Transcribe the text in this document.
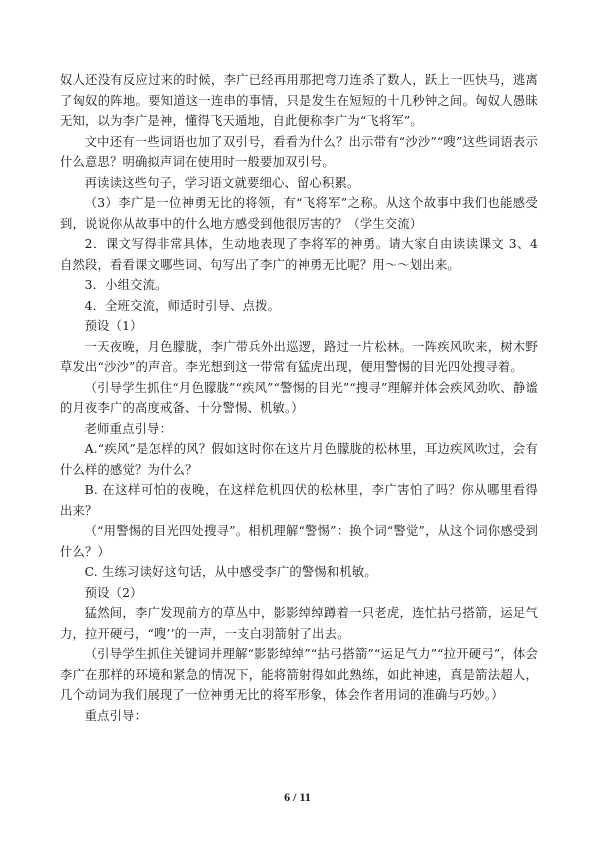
奴人还没有反应过来的时候，李广已经再用那把弯刀连杀了数人，跃上一匹快马，逃离了匈奴的阵地。要知道这一连串的事情，只是发生在短短的十几秒钟之间。匈奴人愚昧无知，以为李广是神，懂得飞天遁地，自此便称李广为“飞将军”。

文中还有一些词语也加了双引号，看看为什么？出示带有“沙沙”“嗖”这些词语表示什么意思？明确拟声词在使用时一般要加双引号。

再读读这些句子，学习语文就要细心、留心积累。

（3）李广是一位神勇无比的将领，有“飞将军”之称。从这个故事中我们也能感受到，说说你从故事中的什么地方感受到他很厉害的？（学生交流）

2．课文写得非常具体，生动地表现了李将军的神勇。请大家自由读读课文 3、4 自然段，看看课文哪些词、句写出了李广的神勇无比呢？用～～划出来。

3．小组交流。

4．全班交流，师适时引导、点拨。

预设（1）

一天夜晚，月色朦胧，李广带兵外出巡逻，路过一片松林。一阵疾风吹来，树木野草发出“沙沙”的声音。李光想到这一带常有猛虎出现，便用警惕的目光四处搜寻着。

（引导学生抓住“月色朦胧”“疾风”“警惕的目光”“搜寻”理解并体会疾风劲吹、静谧的月夜李广的高度戒备、十分警惕、机敏。）

老师重点引导：

A.“疾风”是怎样的风？假如这时你在这片月色朦胧的松林里，耳边疾风吹过，会有什么样的感觉？为什么？

B. 在这样可怕的夜晚，在这样危机四伏的松林里，李广害怕了吗？你从哪里看得出来？

（“用警惕的目光四处搜寻”。相机理解“警惕”：换个词“警觉”，从这个词你感受到什么？）

C. 生练习读好这句话，从中感受李广的警惕和机敏。

预设（2）

猛然间，李广发现前方的草丛中，影影绰绰蹲着一只老虎，连忙拈弓搭箭，运足气力，拉开硬弓，“嗖’’的一声，一支白羽箭射了出去。

（引导学生抓住关键词并理解“影影绰绰”“拈弓搭箭”“运足气力”“拉开硬弓”，体会李广在那样的环境和紧急的情况下，能将箭射得如此熟练，如此神速，真是箭法超人，几个动词为我们展现了一位神勇无比的将军形象，体会作者用词的准确与巧妙。）

重点引导：

6 / 11
